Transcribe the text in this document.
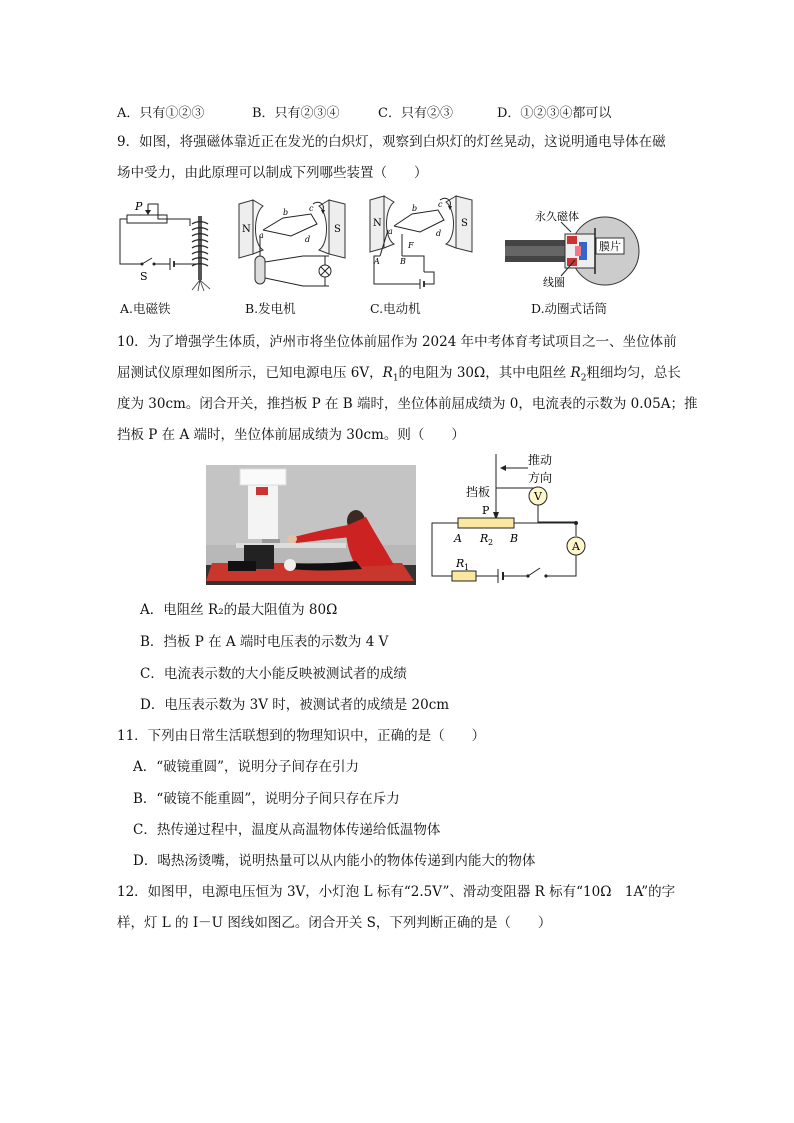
A．只有①②③	B．只有②③④	C．只有②③	D．①②③④都可以
9．如图，将强磁体靠近正在发光的白炽灯，观察到白炽灯的灯丝晃动，这说明通电导体在磁
场中受力，由此原理可以制成下列哪些装置（　　）
P
S
A.电磁铁
N	S
b	c
a	d
B.发电机
N	S
b	c
a	d
F
A	B
C.电动机
永久磁体
膜片
线圈
D.动圈式话筒
10．为了增强学生体质，泸州市将坐位体前屈作为 2024 年中考体育考试项目之一、坐位体前
屈测试仪原理如图所示，已知电源电压 6V，$R_1$的电阻为 30Ω，其中电阻丝 $R_2$粗细均匀，总长
度为 30cm。闭合开关，推挡板 P 在 B 端时，坐位体前屈成绩为 0，电流表的示数为 0.05A；推
挡板 P 在 A 端时，坐位体前屈成绩为 30cm。则（　　）
推动
方向
挡板
P
V
A R 2 B
A
R 1
A．电阻丝 R₂的最大阻值为 80Ω
B．挡板 P 在 A 端时电压表的示数为 4 V
C．电流表示数的大小能反映被测试者的成绩
D．电压表示数为 3V 时，被测试者的成绩是 20cm
11．下列由日常生活联想到的物理知识中，正确的是（　　）
A．“破镜重圆”，说明分子间存在引力
B．“破镜不能重圆”，说明分子间只存在斥力
C．热传递过程中，温度从高温物体传递给低温物体
D．喝热汤烫嘴，说明热量可以从内能小的物体传递到内能大的物体
12．如图甲，电源电压恒为 3V，小灯泡 L 标有“2.5V”、滑动变阻器 R 标有“10Ω　1A”的字
样，灯 L 的 I－U 图线如图乙。闭合开关 S，下列判断正确的是（　　）
